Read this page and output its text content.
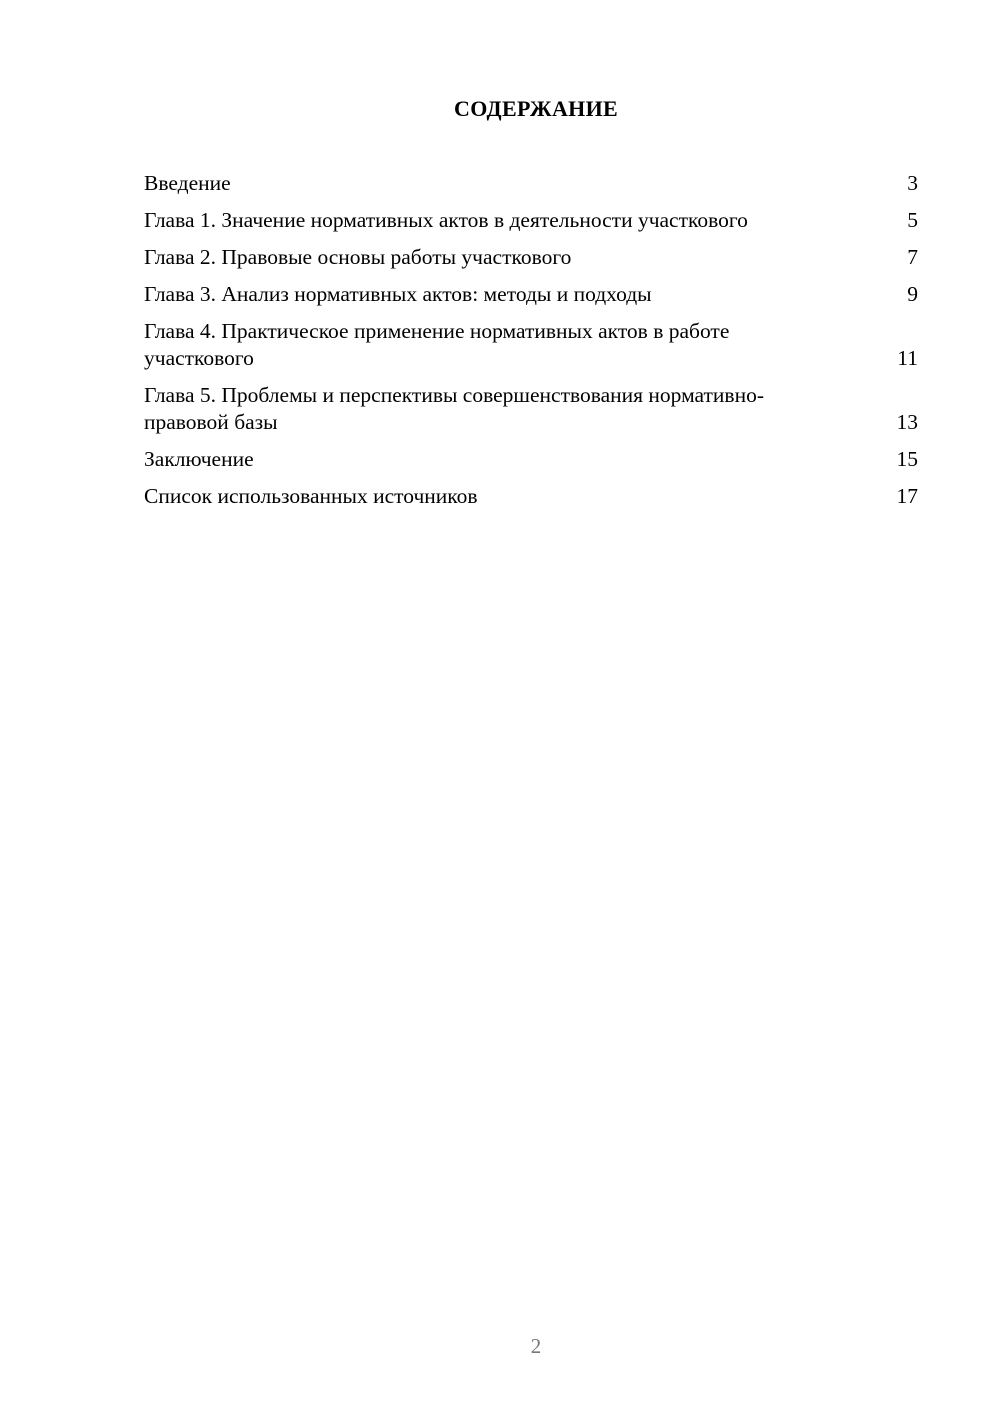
СОДЕРЖАНИЕ
Введение	3
Глава 1. Значение нормативных актов в деятельности участкового	5
Глава 2. Правовые основы работы участкового	7
Глава 3. Анализ нормативных актов: методы и подходы	9
Глава 4. Практическое применение нормативных актов в работе участкового	11
Глава 5. Проблемы и перспективы совершенствования нормативно-правовой базы	13
Заключение	15
Список использованных источников	17
2
